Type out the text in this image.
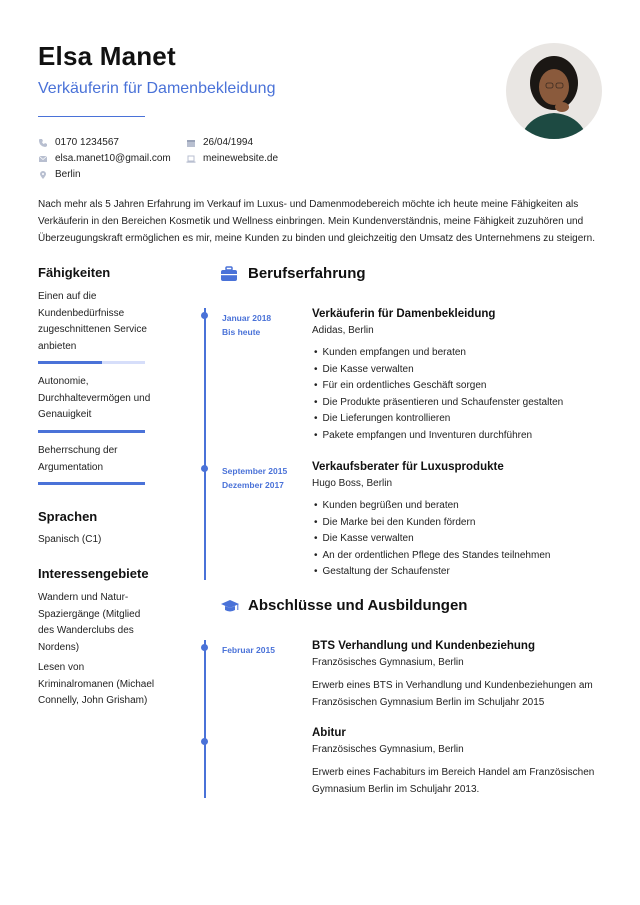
Elsa Manet
Verkäuferin für Damenbekleidung
0170 1234567	26/04/1994
elsa.manet10@gmail.com	meinewebsite.de
Berlin
Nach mehr als 5 Jahren Erfahrung im Verkauf im Luxus- und Damenmodebereich möchte ich heute meine Fähigkeiten als Verkäuferin in den Bereichen Kosmetik und Wellness einbringen. Mein Kundenverständnis, meine Fähigkeit zuzuhören und Überzeugungskraft ermöglichen es mir, meine Kunden zu binden und gleichzeitig den Umsatz des Unternehmens zu steigern.
Fähigkeiten
Einen auf die Kundenbedürfnisse zugeschnittenen Service anbieten
Autonomie, Durchhaltevermögen und Genauigkeit
Beherrschung der Argumentation
Sprachen
Spanisch (C1)
Interessengebiete
Wandern und Natur-Spaziergänge (Mitglied des Wanderclubs des Nordens)
Lesen von Kriminalromanen (Michael Connelly, John Grisham)
Berufserfahrung
Januar 2018
Bis heute
Verkäuferin für Damenbekleidung
Adidas, Berlin
• Kunden empfangen und beraten
• Die Kasse verwalten
• Für ein ordentliches Geschäft sorgen
• Die Produkte präsentieren und Schaufenster gestalten
• Die Lieferungen kontrollieren
• Pakete empfangen und Inventuren durchführen
September 2015
Dezember 2017
Verkaufsberater für Luxusprodukte
Hugo Boss, Berlin
• Kunden begrüßen und beraten
• Die Marke bei den Kunden fördern
• Die Kasse verwalten
• An der ordentlichen Pflege des Standes teilnehmen
• Gestaltung der Schaufenster
Abschlüsse und Ausbildungen
Februar 2015	BTS Verhandlung und Kundenbeziehung
Französisches Gymnasium, Berlin
Erwerb eines BTS in Verhandlung und Kundenbeziehungen am Französischen Gymnasium Berlin im Schuljahr 2015
Abitur
Französisches Gymnasium, Berlin
Erwerb eines Fachabiturs im Bereich Handel am Französischen Gymnasium Berlin im Schuljahr 2013.
